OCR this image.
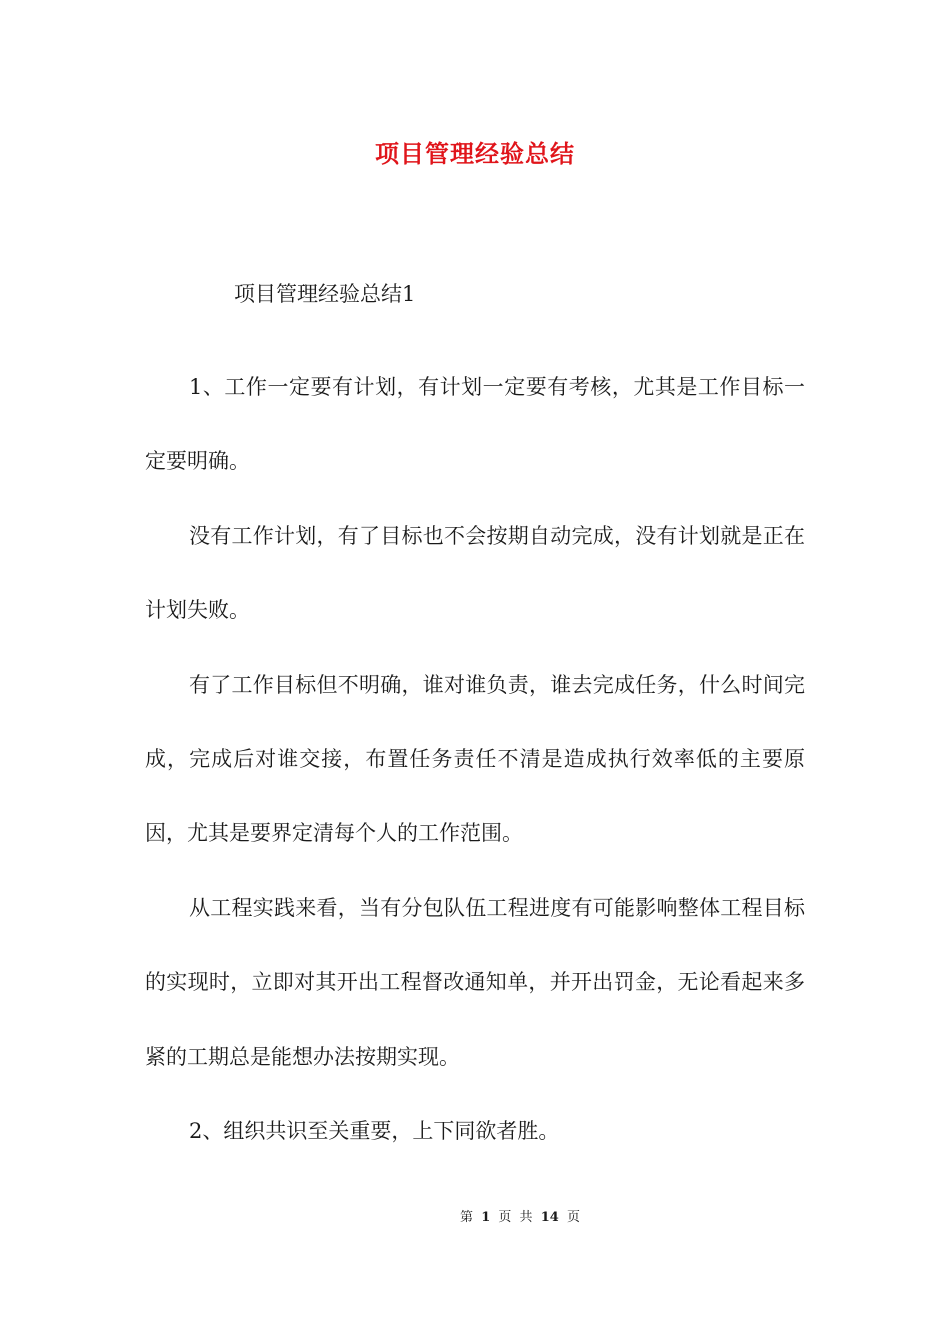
项目管理经验总结

项目管理经验总结1

1、工作一定要有计划，有计划一定要有考核，尤其是工作目标一定要明确。

没有工作计划，有了目标也不会按期自动完成，没有计划就是正在计划失败。

有了工作目标但不明确，谁对谁负责，谁去完成任务，什么时间完成，完成后对谁交接，布置任务责任不清是造成执行效率低的主要原因，尤其是要界定清每个人的工作范围。

从工程实践来看，当有分包队伍工程进度有可能影响整体工程目标的实现时，立即对其开出工程督改通知单，并开出罚金，无论看起来多紧的工期总是能想办法按期实现。

2、组织共识至关重要，上下同欲者胜。

第 1 页 共 14 页
